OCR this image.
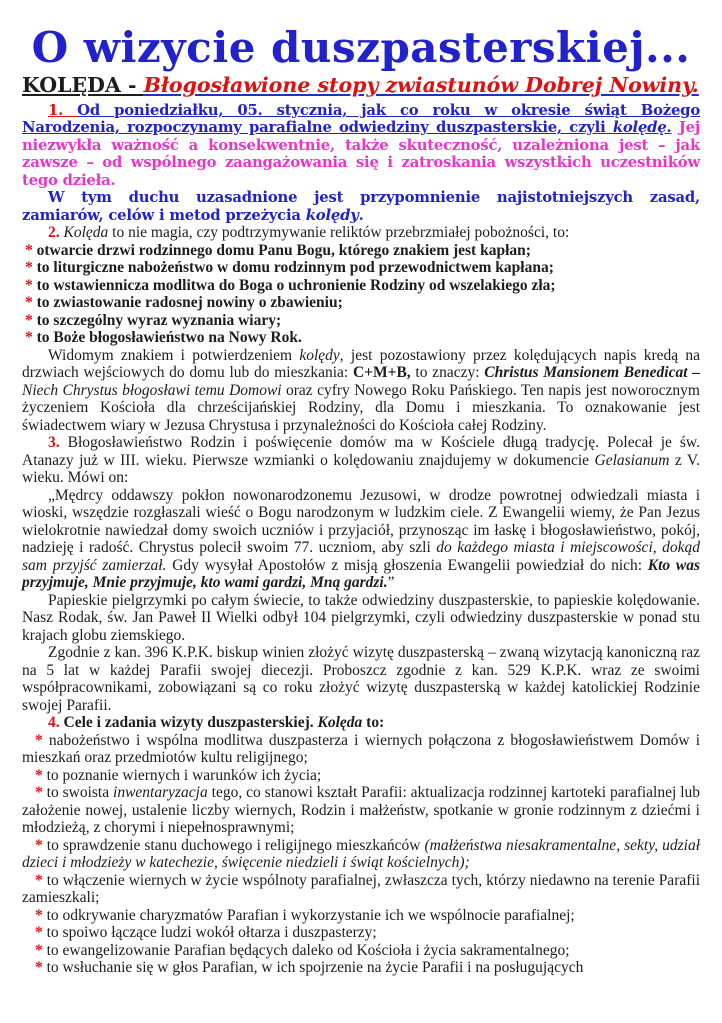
O wizycie duszpasterskiej...

KOLĘDA - Błogosławione stopy zwiastunów Dobrej Nowiny.

1. Od poniedziałku, 05. stycznia, jak co roku w okresie świąt Bożego Narodzenia, rozpoczynamy parafialne odwiedziny duszpasterskie, czyli kolędę. Jej niezwykła ważność a konsekwentnie, także skuteczność, uzależniona jest – jak zawsze – od wspólnego zaangażowania się i zatroskania wszystkich uczestników tego dzieła.

W tym duchu uzasadnione jest przypomnienie najistotniejszych zasad, zamiarów, celów i metod przeżycia kolędy.

2. Kolęda to nie magia, czy podtrzymywanie reliktów przebrzmiałej pobożności, to:

* otwarcie drzwi rodzinnego domu Panu Bogu, którego znakiem jest kapłan;

* to liturgiczne nabożeństwo w domu rodzinnym pod przewodnictwem kapłana;

* to wstawiennicza modlitwa do Boga o uchronienie Rodziny od wszelakiego zła;

* to zwiastowanie radosnej nowiny o zbawieniu;

* to szczególny wyraz wyznania wiary;

* to Boże błogosławieństwo na Nowy Rok.

Widomym znakiem i potwierdzeniem kolędy, jest pozostawiony przez kolędujących napis kredą na drzwiach wejściowych do domu lub do mieszkania: C+M+B, to znaczy: Christus Mansionem Benedicat – Niech Chrystus błogosławi temu Domowi oraz cyfry Nowego Roku Pańskiego. Ten napis jest noworocznym życzeniem Kościoła dla chrześcijańskiej Rodziny, dla Domu i mieszkania. To oznakowanie jest świadectwem wiary w Jezusa Chrystusa i przynależności do Kościoła całej Rodziny.

3. Błogosławieństwo Rodzin i poświęcenie domów ma w Kościele długą tradycję. Polecał je św. Atanazy już w III. wieku. Pierwsze wzmianki o kolędowaniu znajdujemy w dokumencie Gelasianum z V. wieku. Mówi on:

„Mędrcy oddawszy pokłon nowonarodzonemu Jezusowi, w drodze powrotnej odwiedzali miasta i wioski, wszędzie rozgłaszali wieść o Bogu narodzonym w ludzkim ciele. Z Ewangelii wiemy, że Pan Jezus wielokrotnie nawiedzał domy swoich uczniów i przyjaciół, przynosząc im łaskę i błogosławieństwo, pokój, nadzieję i radość. Chrystus polecił swoim 77. uczniom, aby szli do każdego miasta i miejscowości, dokąd sam przyjść zamierzał. Gdy wysyłał Apostołów z misją głoszenia Ewangelii powiedział do nich: Kto was przyjmuje, Mnie przyjmuje, kto wami gardzi, Mną gardzi.”

Papieskie pielgrzymki po całym świecie, to także odwiedziny duszpasterskie, to papieskie kolędowanie. Nasz Rodak, św. Jan Paweł II Wielki odbył 104 pielgrzymki, czyli odwiedziny duszpasterskie w ponad stu krajach globu ziemskiego.

Zgodnie z kan. 396 K.P.K. biskup winien złożyć wizytę duszpasterską – zwaną wizytacją kanoniczną raz na 5 lat w każdej Parafii swojej diecezji. Proboszcz zgodnie z kan. 529 K.P.K. wraz ze swoimi współpracownikami, zobowiązani są co roku złożyć wizytę duszpasterską w każdej katolickiej Rodzinie swojej Parafii.

4. Cele i zadania wizyty duszpasterskiej. Kolęda to:

* nabożeństwo i wspólna modlitwa duszpasterza i wiernych połączona z błogosławieństwem Domów i mieszkań oraz przedmiotów kultu religijnego;

* to poznanie wiernych i warunków ich życia;

* to swoista inwentaryzacja tego, co stanowi kształt Parafii: aktualizacja rodzinnej kartoteki parafialnej lub założenie nowej, ustalenie liczby wiernych, Rodzin i małżeństw, spotkanie w gronie rodzinnym z dziećmi i młodzieżą, z chorymi i niepełnosprawnymi;

* to sprawdzenie stanu duchowego i religijnego mieszkańców (małżeństwa niesakramentalne, sekty, udział dzieci i młodzieży w katechezie, święcenie niedzieli i świąt kościelnych);

* to włączenie wiernych w życie wspólnoty parafialnej, zwłaszcza tych, którzy niedawno na terenie Parafii zamieszkali;

* to odkrywanie charyzmatów Parafian i wykorzystanie ich we wspólnocie parafialnej;

* to spoiwo łączące ludzi wokół ołtarza i duszpasterzy;

* to ewangelizowanie Parafian będących daleko od Kościoła i życia sakramentalnego;

* to wsłuchanie się w głos Parafian, w ich spojrzenie na życie Parafii i na posługujących
